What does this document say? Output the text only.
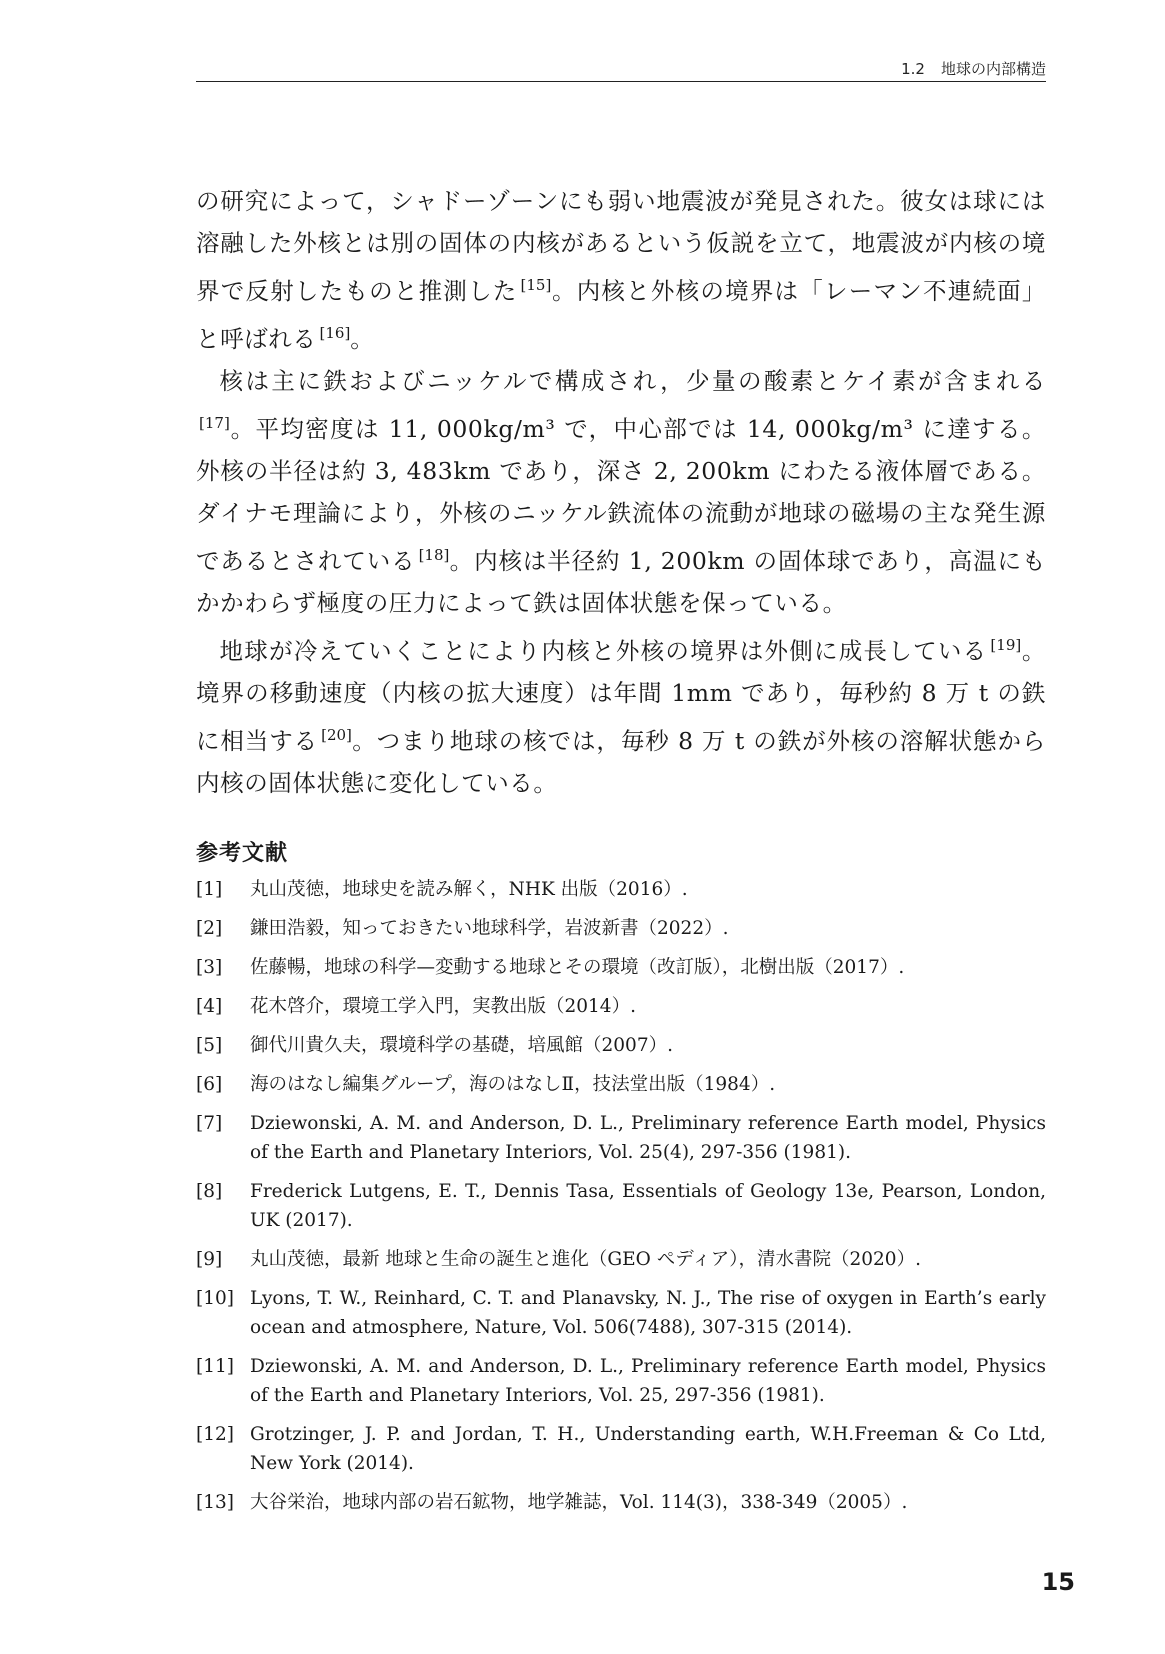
1.2 地球の内部構造

の研究によって，シャドーゾーンにも弱い地震波が発見された。彼女は球には溶融した外核とは別の固体の内核があるという仮説を立て，地震波が内核の境界で反射したものと推測した [15]。内核と外核の境界は「レーマン不連続面」と呼ばれる [16]。

核は主に鉄およびニッケルで構成され，少量の酸素とケイ素が含まれる[17]。平均密度は 11, 000kg/m³ で，中心部では 14, 000kg/m³ に達する。外核の半径は約 3, 483km であり，深さ 2, 200km にわたる液体層である。ダイナモ理論により，外核のニッケル鉄流体の流動が地球の磁場の主な発生源であるとされている [18]。内核は半径約 1, 200km の固体球であり，高温にもかかわらず極度の圧力によって鉄は固体状態を保っている。

地球が冷えていくことにより内核と外核の境界は外側に成長している [19]。境界の移動速度（内核の拡大速度）は年間 1mm であり，毎秒約 8 万 t の鉄に相当する [20]。つまり地球の核では，毎秒 8 万 t の鉄が外核の溶解状態から内核の固体状態に変化している。

参考文献
[1] 丸山茂徳，地球史を読み解く，NHK 出版（2016）.
[2] 鎌田浩毅，知っておきたい地球科学，岩波新書（2022）.
[3] 佐藤暢，地球の科学—変動する地球とその環境（改訂版），北樹出版（2017）.
[4] 花木啓介，環境工学入門，実教出版（2014）.
[5] 御代川貴久夫，環境科学の基礎，培風館（2007）.
[6] 海のはなし編集グループ，海のはなしⅡ，技法堂出版（1984）.
[7] Dziewonski, A. M. and Anderson, D. L., Preliminary reference Earth model, Physics of the Earth and Planetary Interiors, Vol. 25(4), 297-356 (1981).
[8] Frederick Lutgens, E. T., Dennis Tasa, Essentials of Geology 13e, Pearson, London, UK (2017).
[9] 丸山茂徳，最新 地球と生命の誕生と進化（GEO ペディア），清水書院（2020）.
[10] Lyons, T. W., Reinhard, C. T. and Planavsky, N. J., The rise of oxygen in Earth’s early ocean and atmosphere, Nature, Vol. 506(7488), 307-315 (2014).
[11] Dziewonski, A. M. and Anderson, D. L., Preliminary reference Earth model, Physics of the Earth and Planetary Interiors, Vol. 25, 297-356 (1981).
[12] Grotzinger, J. P. and Jordan, T. H., Understanding earth, W.H.Freeman & Co Ltd, New York (2014).
[13] 大谷栄治，地球内部の岩石鉱物，地学雑誌，Vol. 114(3)，338-349（2005）.
15
